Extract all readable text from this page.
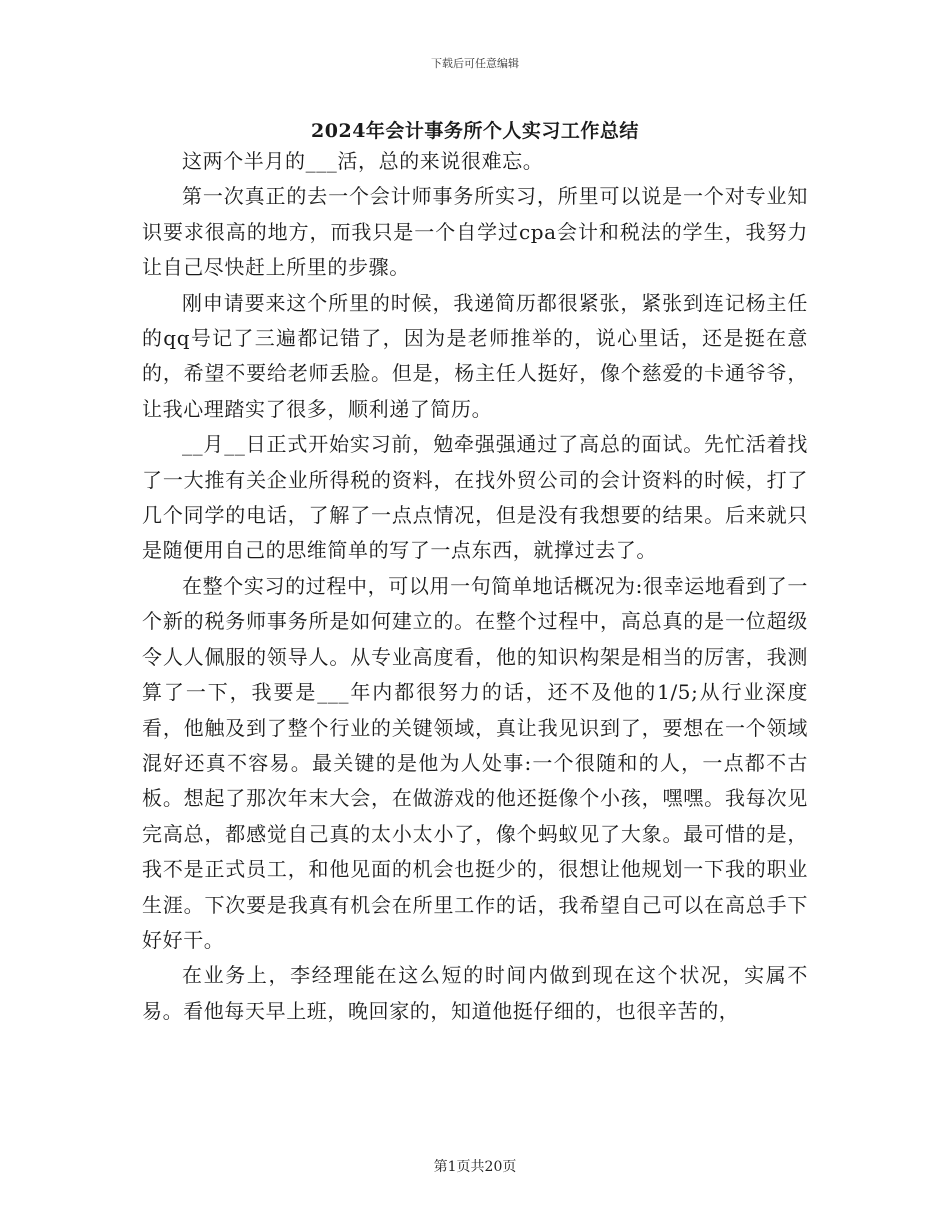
下载后可任意编辑
2024年会计事务所个人实习工作总结

这两个半月的___活，总的来说很难忘。

第一次真正的去一个会计师事务所实习，所里可以说是一个对专业知识要求很高的地方，而我只是一个自学过cpa会计和税法的学生，我努力让自己尽快赶上所里的步骤。

刚申请要来这个所里的时候，我递简历都很紧张，紧张到连记杨主任的qq号记了三遍都记错了，因为是老师推举的，说心里话，还是挺在意的，希望不要给老师丢脸。但是，杨主任人挺好，像个慈爱的卡通爷爷，让我心理踏实了很多，顺利递了简历。

__月__日正式开始实习前，勉牵强强通过了高总的面试。先忙活着找了一大推有关企业所得税的资料，在找外贸公司的会计资料的时候，打了几个同学的电话，了解了一点点情况，但是没有我想要的结果。后来就只是随便用自己的思维简单的写了一点东西，就撑过去了。

在整个实习的过程中，可以用一句简单地话概况为:很幸运地看到了一个新的税务师事务所是如何建立的。在整个过程中，高总真的是一位超级令人人佩服的领导人。从专业高度看，他的知识构架是相当的厉害，我测算了一下，我要是___年内都很努力的话，还不及他的1/5;从行业深度看，他触及到了整个行业的关键领域，真让我见识到了，要想在一个领域混好还真不容易。最关键的是他为人处事:一个很随和的人，一点都不古板。想起了那次年末大会，在做游戏的他还挺像个小孩，嘿嘿。我每次见完高总，都感觉自己真的太小太小了，像个蚂蚁见了大象。最可惜的是，我不是正式员工，和他见面的机会也挺少的，很想让他规划一下我的职业生涯。下次要是我真有机会在所里工作的话，我希望自己可以在高总手下好好干。

在业务上，李经理能在这么短的时间内做到现在这个状况，实属不易。看他每天早上班，晚回家的，知道他挺仔细的，也很辛苦的，

第1页共20页
